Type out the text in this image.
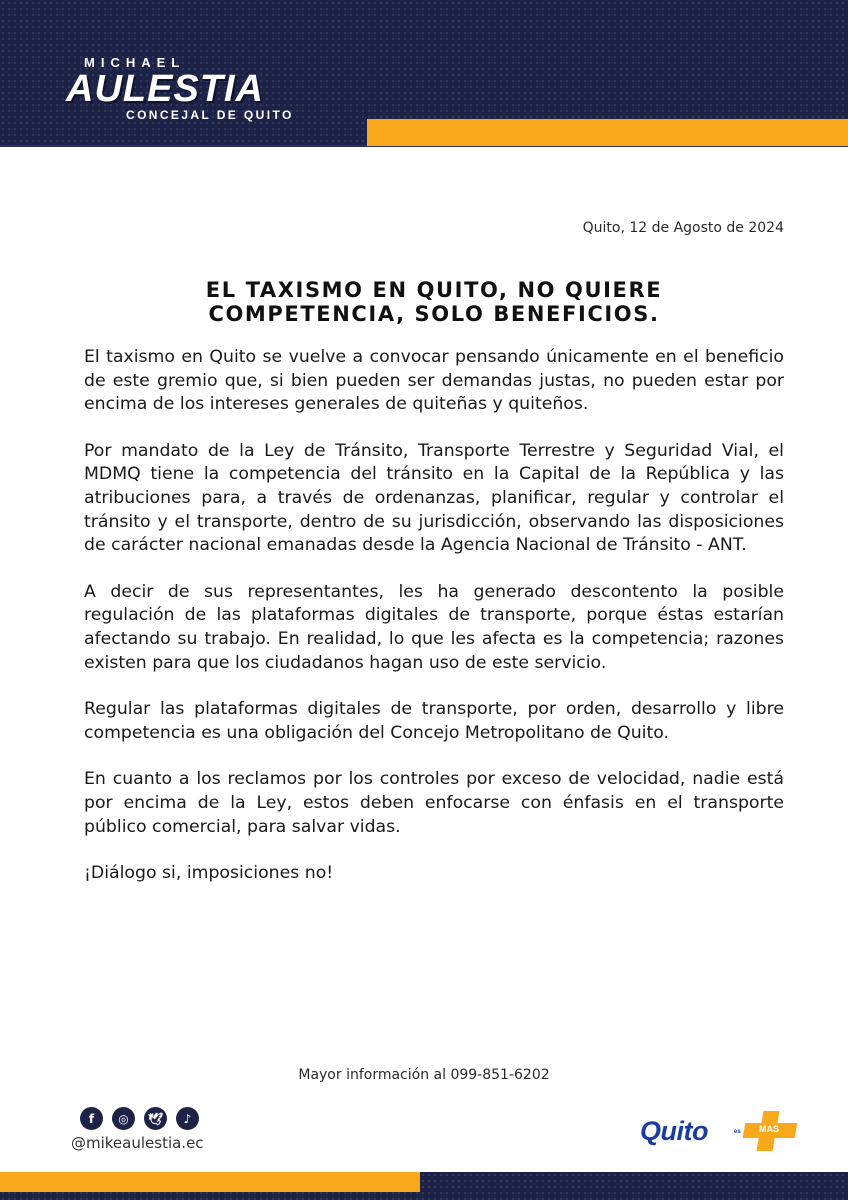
MICHAEL
AULESTIA
CONCEJAL DE QUITO
Quito, 12 de Agosto de 2024
EL TAXISMO EN QUITO, NO QUIERE
COMPETENCIA, SOLO BENEFICIOS.

El taxismo en Quito se vuelve a convocar pensando únicamente en el beneficio de este gremio que, si bien pueden ser demandas justas, no pueden estar por encima de los intereses generales de quiteñas y quiteños.

Por mandato de la Ley de Tránsito, Transporte Terrestre y Seguridad Vial, el MDMQ tiene la competencia del tránsito en la Capital de la República y las atribuciones para, a través de ordenanzas, planificar, regular y controlar el tránsito y el transporte, dentro de su jurisdicción, observando las disposiciones de carácter nacional emanadas desde la Agencia Nacional de Tránsito - ANT.

A decir de sus representantes, les ha generado descontento la posible regulación de las plataformas digitales de transporte, porque éstas estarían afectando su trabajo. En realidad, lo que les afecta es la competencia; razones existen para que los ciudadanos hagan uso de este servicio.

Regular las plataformas digitales de transporte, por orden, desarrollo y libre competencia es una obligación del Concejo Metropolitano de Quito.

En cuanto a los reclamos por los controles por exceso de velocidad, nadie está por encima de la Ley, estos deben enfocarse con énfasis en el transporte público comercial, para salvar vidas.

¡Diálogo si, imposiciones no!

Mayor información al 099-851-6202
f ◎ 🕊 ♪
@mikeaulestia.ec	Quito	es	MAS
